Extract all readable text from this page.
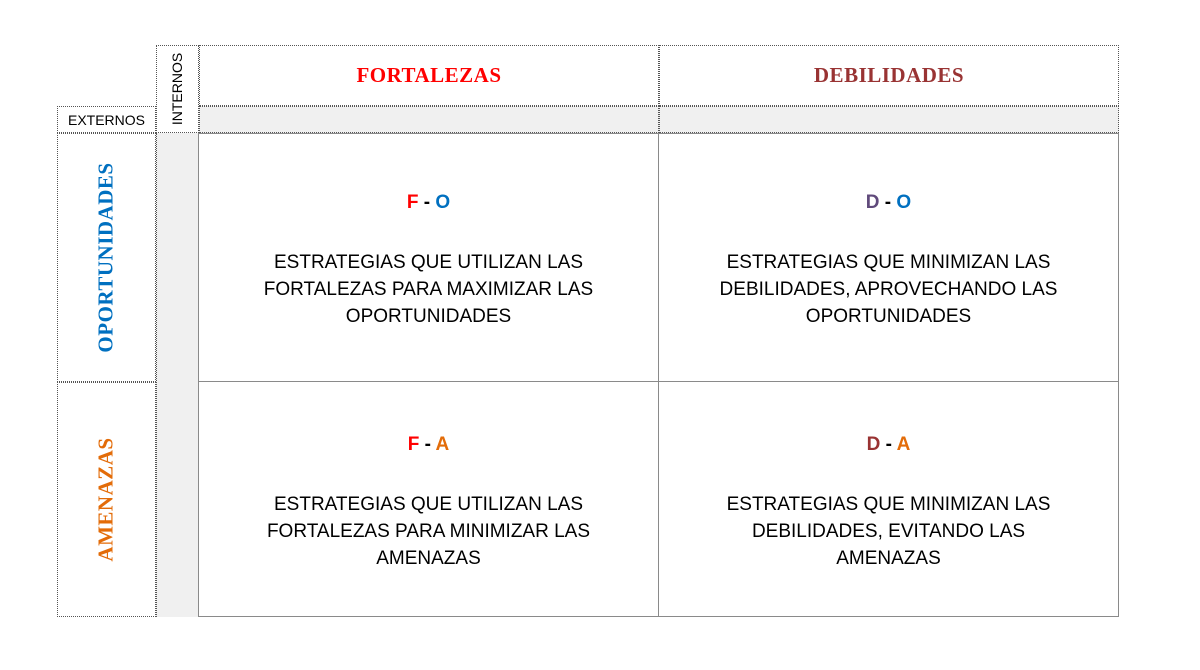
INTERNOS
EXTERNOS
FORTALEZAS	DEBILIDADES
OPORTUNIDADES
AMENAZAS
F - O
ESTRATEGIAS QUE UTILIZAN LAS FORTALEZAS PARA MAXIMIZAR LAS OPORTUNIDADES
D - O
ESTRATEGIAS QUE MINIMIZAN LAS DEBILIDADES, APROVECHANDO LAS OPORTUNIDADES
F - A
ESTRATEGIAS QUE UTILIZAN LAS FORTALEZAS PARA MINIMIZAR LAS AMENAZAS
D - A
ESTRATEGIAS QUE MINIMIZAN LAS DEBILIDADES, EVITANDO LAS AMENAZAS
